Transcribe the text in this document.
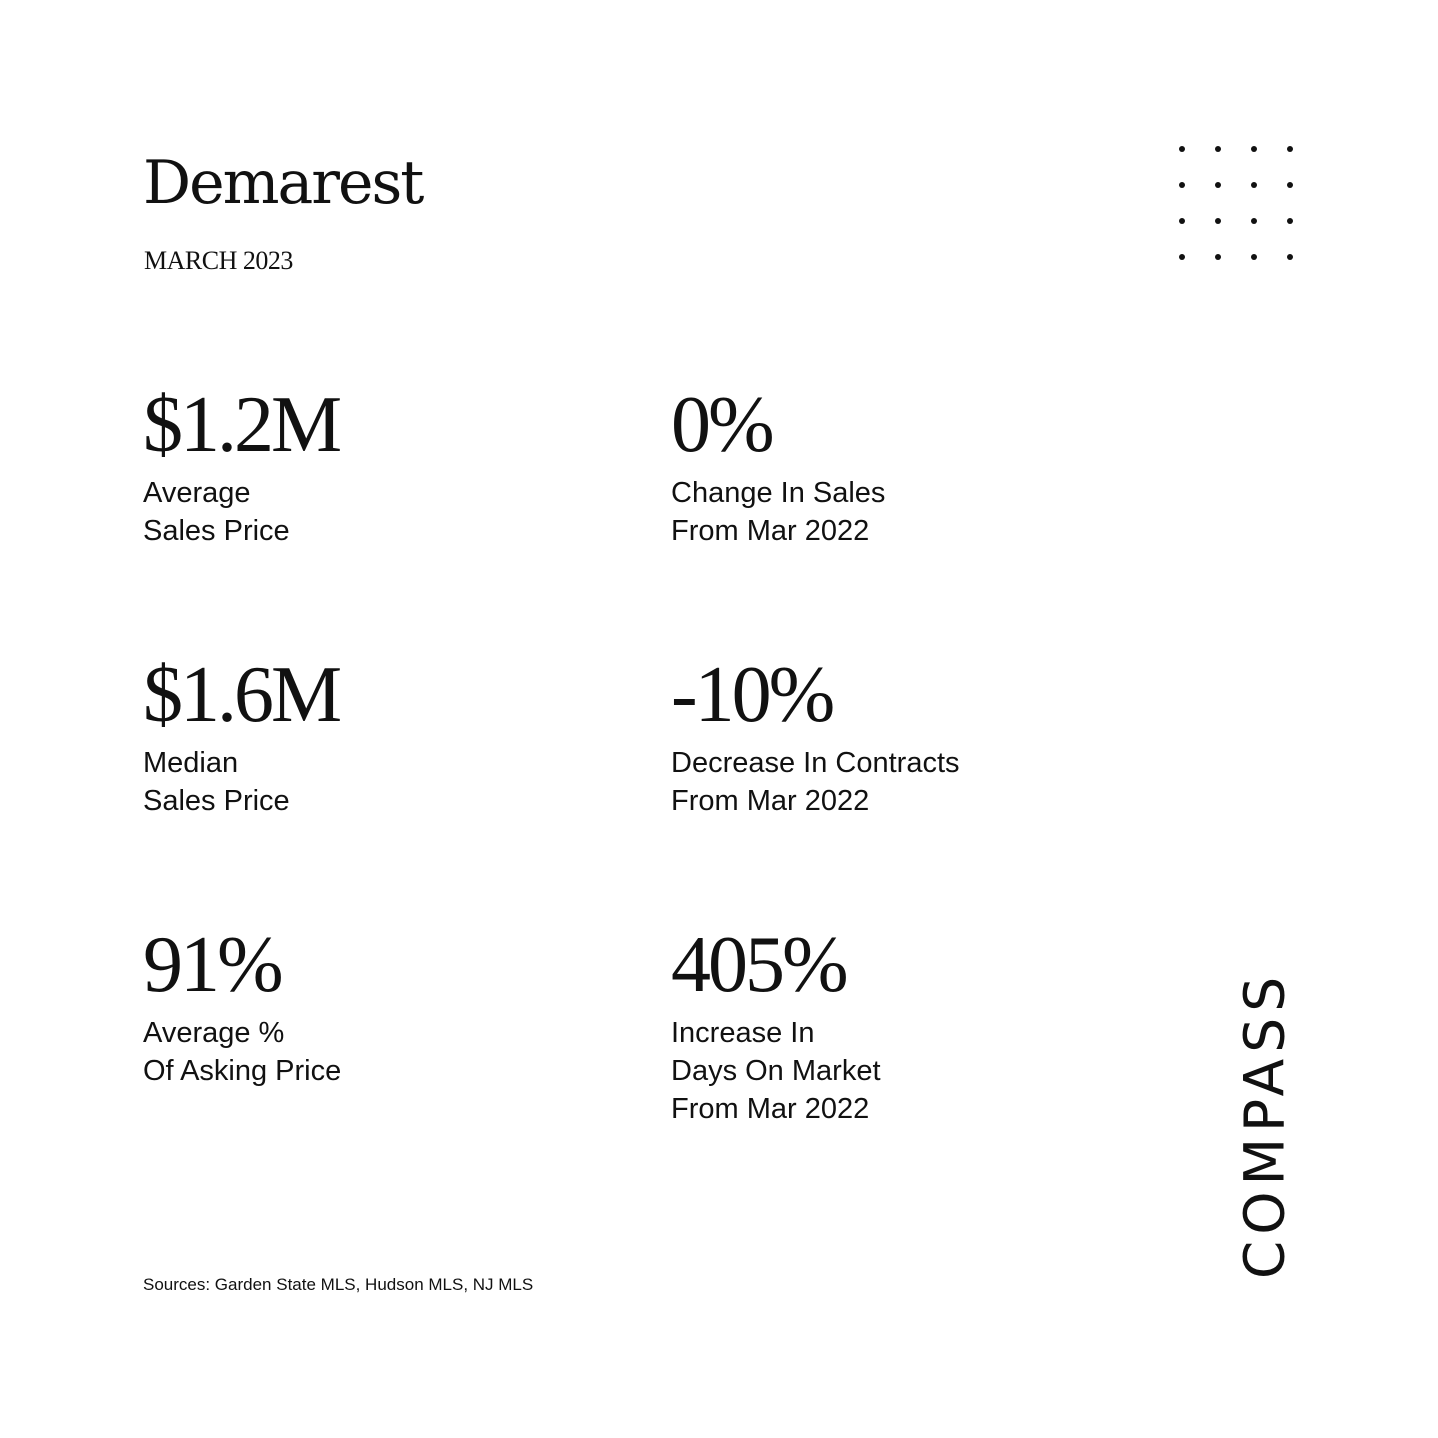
Demarest
MARCH 2023
$1.2M
Average
Sales Price
0%
Change In Sales
From Mar 2022
$1.6M
Median
Sales Price
-10%
Decrease In Contracts
From Mar 2022
91%
Average %
Of Asking Price
405%
Increase In
Days On Market
From Mar 2022
Sources: Garden State MLS, Hudson MLS, NJ MLS
COMPASS
